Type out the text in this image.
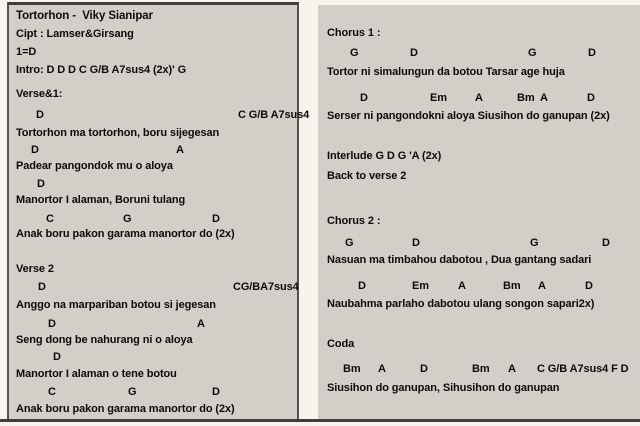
Tortorhon -  Viky Sianipar
Cipt : Lamser&Girsang
1=D
Intro: D D D C G/B A7sus4 (2x)' G
Verse&1:
D	C G/B A7sus4
Tortorhon ma tortorhon, boru sijegesan
D	A
Padear pangondok mu o aloya
D
Manortor I alaman, Boruni tulang
C	G	D
Anak boru pakon garama manortor do (2x)
Verse 2
D	CG/BA7sus4
Anggo na marpariban botou si jegesan
D	A
Seng dong be nahurang ni o aloya
D
Manortor I alaman o tene botou
C	G	D
Anak boru pakon garama manortor do (2x)
Chorus 1 :
G	D	G	D
Tortor ni simalungun da botou Tarsar age huja
D	Em	A	Bm A	D
Serser ni pangondokni aloya Siusihon do ganupan (2x)
Interlude G D G 'A (2x)
Back to verse 2
Chorus 2 :
G	D	G	D
Nasuan ma timbahou dabotou , Dua gantang sadari
D	Em	A	Bm A	D
Naubahma parlaho dabotou ulang songon sapari2x)
Coda
Bm A	D	Bm A C G/B A7sus4 F D
Siusihon do ganupan, Sihusihon do ganupan
